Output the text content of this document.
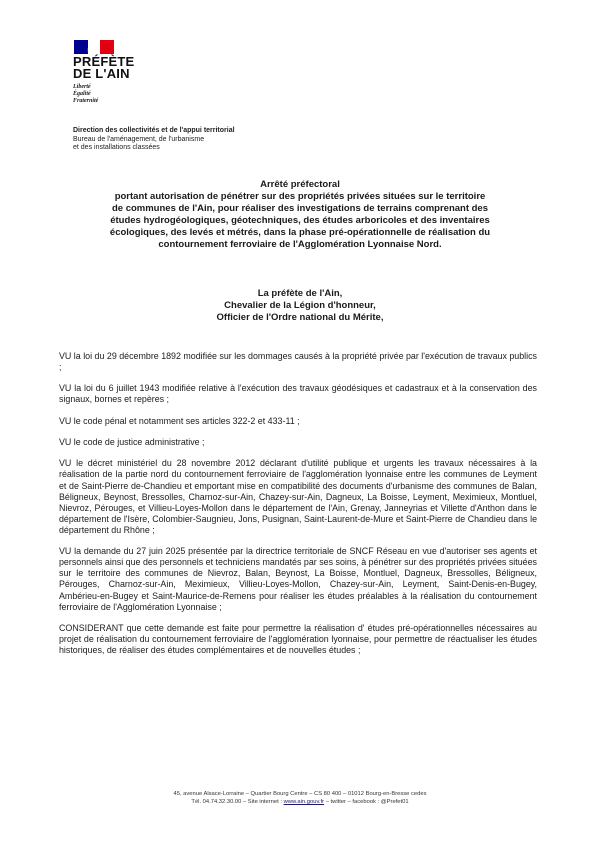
PRÉFÈTE
DE L'AIN
Liberté
Égalité
Fraternité
Direction des collectivités et de l'appui territorial
Bureau de l'aménagement, de l'urbanisme
et des installations classées
Arrêté préfectoral
portant autorisation de pénétrer sur des propriétés privées situées sur le territoire
de communes de l'Ain, pour réaliser des investigations de terrains comprenant des
études hydrogéologiques, géotechniques, des études arboricoles et des inventaires
écologiques, des levés et métrés, dans la phase pré-opérationnelle de réalisation du
contournement ferroviaire de l'Agglomération Lyonnaise Nord.
La préfète de l'Ain,
Chevalier de la Légion d'honneur,
Officier de l'Ordre national du Mérite,

VU la loi du 29 décembre 1892 modifiée sur les dommages causés à la propriété privée par l'exécution de travaux publics ;

VU la loi du 6 juillet 1943 modifiée relative à l'exécution des travaux géodésiques et cadastraux et à la conservation des signaux, bornes et repères ;

VU le code pénal et notamment ses articles 322-2 et 433-11 ;

VU le code de justice administrative ;

VU le décret ministériel du 28 novembre 2012 déclarant d'utilité publique et urgents les travaux nécessaires à la réalisation de la partie nord du contournement ferroviaire de l'agglomération lyonnaise entre les communes de Leyment et de Saint-Pierre de-Chandieu et emportant mise en compatibilité des documents d'urbanisme des communes de Balan, Béligneux, Beynost, Bressolles, Charnoz-sur-Ain, Chazey-sur-Ain, Dagneux, La Boisse, Leyment, Meximieux, Montluel, Nievroz, Pérouges, et Villieu-Loyes-Mollon dans le département de l'Ain, Grenay, Janneyrias et Villette d'Anthon dans le département de l'Isère, Colombier-Saugnieu, Jons, Pusignan, Saint-Laurent-de-Mure et Saint-Pierre de Chandieu dans le département du Rhône ;

VU la demande du 27 juin 2025 présentée par la directrice territoriale de SNCF Réseau en vue d'autoriser ses agents et personnels ainsi que des personnels et techniciens mandatés par ses soins, à pénétrer sur des propriétés privées situées sur le territoire des communes de Nievroz, Balan, Beynost, La Boisse, Montluel, Dagneux, Bressolles, Béligneux, Pérouges, Charnoz-sur-Ain, Meximieux, Villieu-Loyes-Mollon, Chazey-sur-Ain, Leyment, Saint-Denis-en-Bugey, Ambérieu-en-Bugey et Saint-Maurice-de-Remens pour réaliser les études préalables à la réalisation du contournement ferroviaire de l'Agglomération Lyonnaise ;

CONSIDERANT que cette demande est faite pour permettre la réalisation d' études pré-opérationnelles nécessaires au projet de réalisation du contournement ferroviaire de l'agglomération lyonnaise, pour permettre de réactualiser les études historiques, de réaliser des études complémentaires et de nouvelles études ;

45, avenue Alsace-Lorraine – Quartier Bourg Centre – CS 80 400 – 01012 Bourg-en-Bresse cedex
Tél. 04.74.32.30.00 – Site internet : www.ain.gouv.fr – twitter – facebook : @Prefet01
